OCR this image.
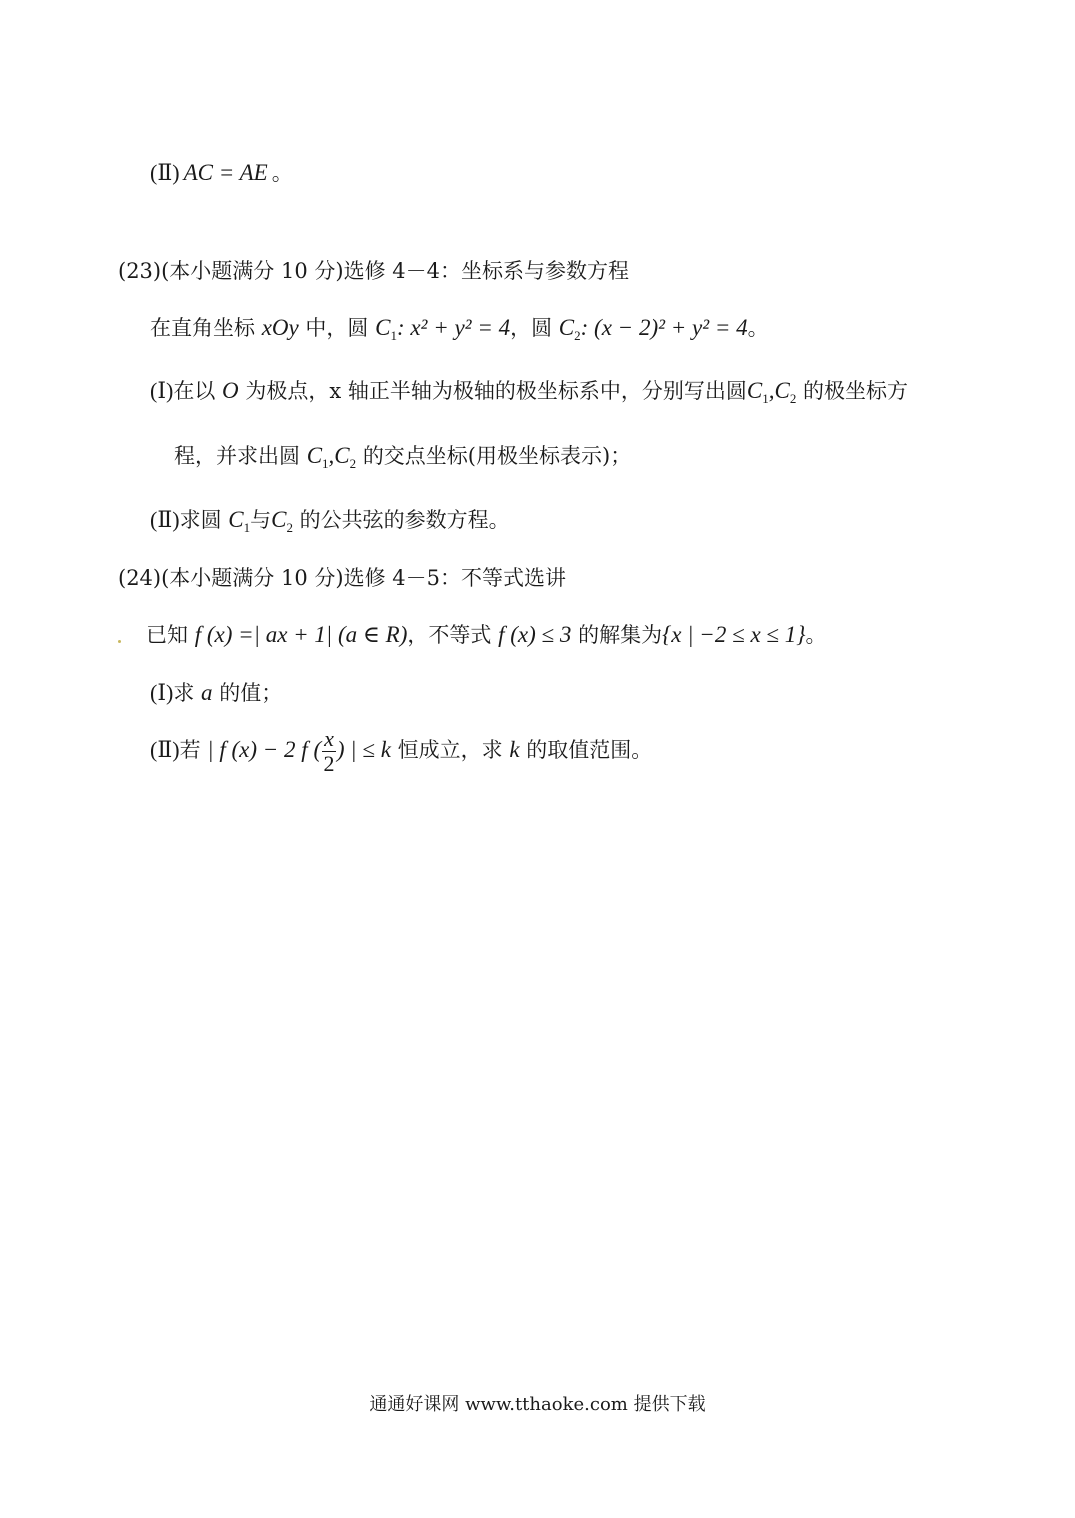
(Ⅱ) AC = AE 。
(23)(本小题满分 10 分)选修 4－4：坐标系与参数方程
在直角坐标 xOy 中，圆 $C_1$: x² + y² = 4，圆 $C_2$: (x − 2)² + y² = 4。
(Ⅰ)在以 O 为极点，x 轴正半轴为极轴的极坐标系中，分别写出圆$C_1,C_2$ 的极坐标方
程，并求出圆 $C_1,C_2$ 的交点坐标(用极坐标表示)；
(Ⅱ)求圆 $C_1$与$C_2$ 的公共弦的参数方程。
(24)(本小题满分 10 分)选修 4－5：不等式选讲
已知 f (x) =| ax + 1| (a ∈ R)，不等式 f (x) ≤ 3 的解集为{x | −2 ≤ x ≤ 1}。
(Ⅰ)求 a 的值；
(Ⅱ)若 | f (x) − 2 f ( $\frac{x}{2}$ ) | ≤ k 恒成立，求 k 的取值范围。
通通好课网 www.tthaoke.com 提供下载
